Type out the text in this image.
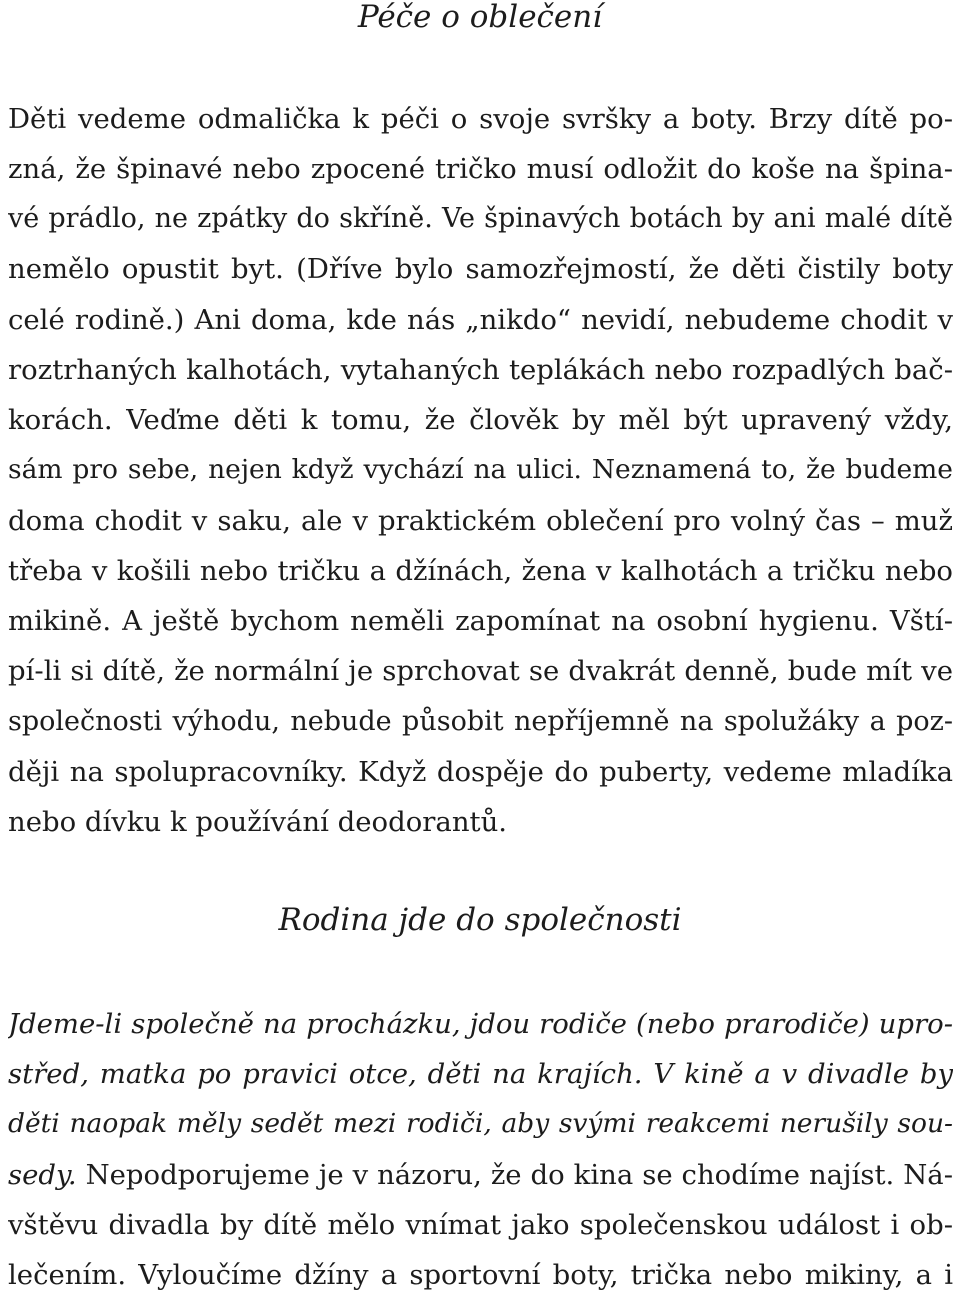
Péče o oblečení
Děti vedeme odmalička k péči o svoje svršky a boty. Brzy dítě po-
zná, že špinavé nebo zpocené tričko musí odložit do koše na špina-
vé prádlo, ne zpátky do skříně. Ve špinavých botách by ani malé dítě
nemělo opustit byt. (Dříve bylo samozřejmostí, že děti čistily boty
celé rodině.) Ani doma, kde nás „nikdo“ nevidí, nebudeme chodit v
roztrhaných kalhotách, vytahaných teplákách nebo rozpadlých bač-
korách. Veďme děti k tomu, že člověk by měl být upravený vždy,
sám pro sebe, nejen když vychází na ulici. Neznamená to, že budeme
doma chodit v saku, ale v praktickém oblečení pro volný čas – muž
třeba v košili nebo tričku a džínách, žena v kalhotách a tričku nebo
mikině. A ještě bychom neměli zapomínat na osobní hygienu. Vští-
pí-li si dítě, že normální je sprchovat se dvakrát denně, bude mít ve
společnosti výhodu, nebude působit nepříjemně na spolužáky a poz-
ději na spolupracovníky. Když dospěje do puberty, vedeme mladíka
nebo dívku k používání deodorantů.
Rodina jde do společnosti
Jdeme-li společně na procházku, jdou rodiče (nebo prarodiče) upro-
střed, matka po pravici otce, děti na krajích. V kině a v divadle by
děti naopak měly sedět mezi rodiči, aby svými reakcemi nerušily sou-
sedy. Nepodporujeme je v názoru, že do kina se chodíme najíst. Ná-
vštěvu divadla by dítě mělo vnímat jako společenskou událost i ob-
lečením. Vyloučíme džíny a sportovní boty, trička nebo mikiny, a i
